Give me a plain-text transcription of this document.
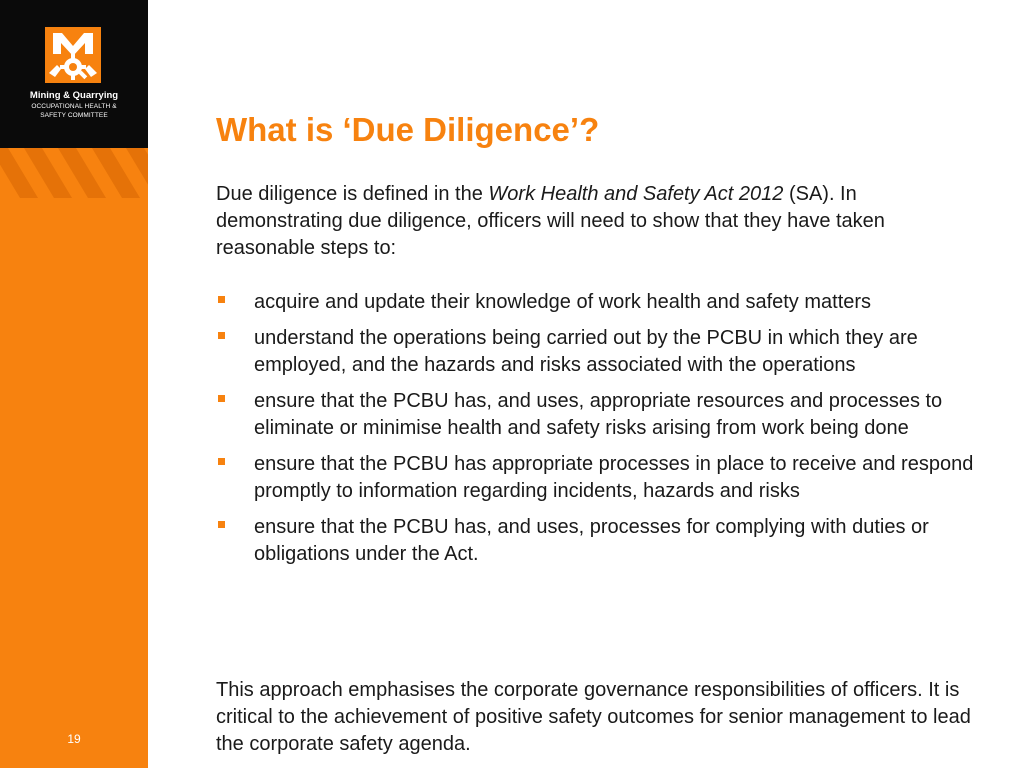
Mining & Quarrying
OCCUPATIONAL HEALTH &
SAFETY COMMITTEE
19
What is ‘Due Diligence’?

Due diligence is defined in the Work Health and Safety Act 2012 (SA). In demonstrating due diligence, officers will need to show that they have taken reasonable steps to:

acquire and update their knowledge of work health and safety matters
understand the operations being carried out by the PCBU in which they are employed, and the hazards and risks associated with the operations
ensure that the PCBU has, and uses, appropriate resources and processes to eliminate or minimise health and safety risks arising from work being done
ensure that the PCBU has appropriate processes in place to receive and respond promptly to information regarding incidents, hazards and risks
ensure that the PCBU has, and uses, processes for complying with duties or obligations under the Act.

This approach emphasises the corporate governance responsibilities of officers. It is critical to the achievement of positive safety outcomes for senior management to lead the corporate safety agenda.
